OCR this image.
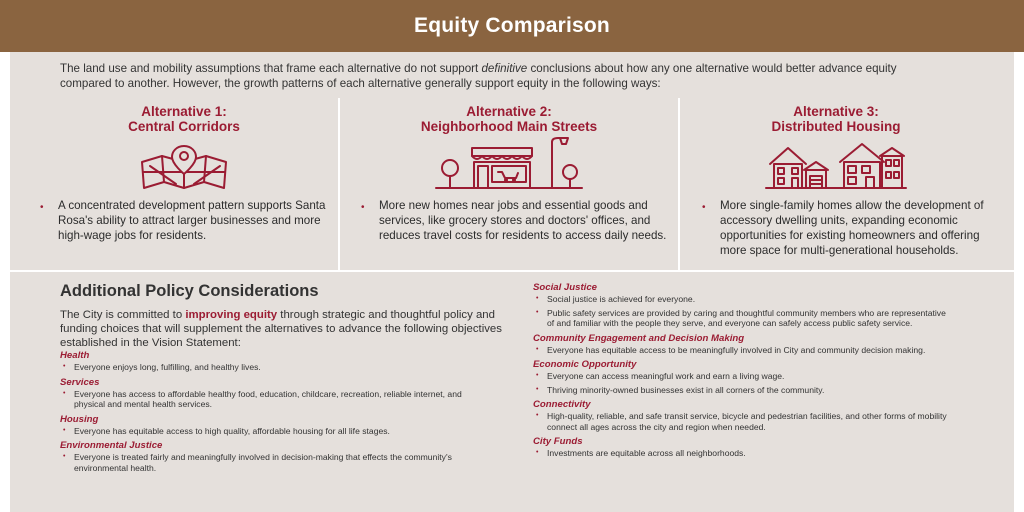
Equity Comparison

The land use and mobility assumptions that frame each alternative do not support definitive conclusions about how any one alternative would better advance equity compared to another. However, the growth patterns of each alternative generally support equity in the following ways:

Alternative 1:
Central Corridors
• A concentrated development pattern supports Santa Rosa's ability to attract larger businesses and more high-wage jobs for residents.
Alternative 2:
Neighborhood Main Streets
• More new homes near jobs and essential goods and services, like grocery stores and doctors' offices, and reduces travel costs for residents to access daily needs.
Alternative 3:
Distributed Housing
• More single-family homes allow the development of accessory dwelling units, expanding economic opportunities for existing homeowners and offering more space for multi-generational households.
Additional Policy Considerations

The City is committed to improving equity through strategic and thoughtful policy and funding choices that will supplement the alternatives to advance the following objectives established in the Vision Statement:

Health
• Everyone enjoys long, fulfilling, and healthy lives.
Services
• Everyone has access to affordable healthy food, education, childcare, recreation, reliable internet, and physical and mental health services.
Housing
• Everyone has equitable access to high quality, affordable housing for all life stages.
Environmental Justice
• Everyone is treated fairly and meaningfully involved in decision-making that effects the community's environmental health.
Social Justice
• Social justice is achieved for everyone.
• Public safety services are provided by caring and thoughtful community members who are representative of and familiar with the people they serve, and everyone can safely access public safety service.
Community Engagement and Decision Making
• Everyone has equitable access to be meaningfully involved in City and community decision making.
Economic Opportunity
• Everyone can access meaningful work and earn a living wage.
• Thriving minority-owned businesses exist in all corners of the community.
Connectivity
• High-quality, reliable, and safe transit service, bicycle and pedestrian facilities, and other forms of mobility connect all ages across the city and region when needed.
City Funds
• Investments are equitable across all neighborhoods.
